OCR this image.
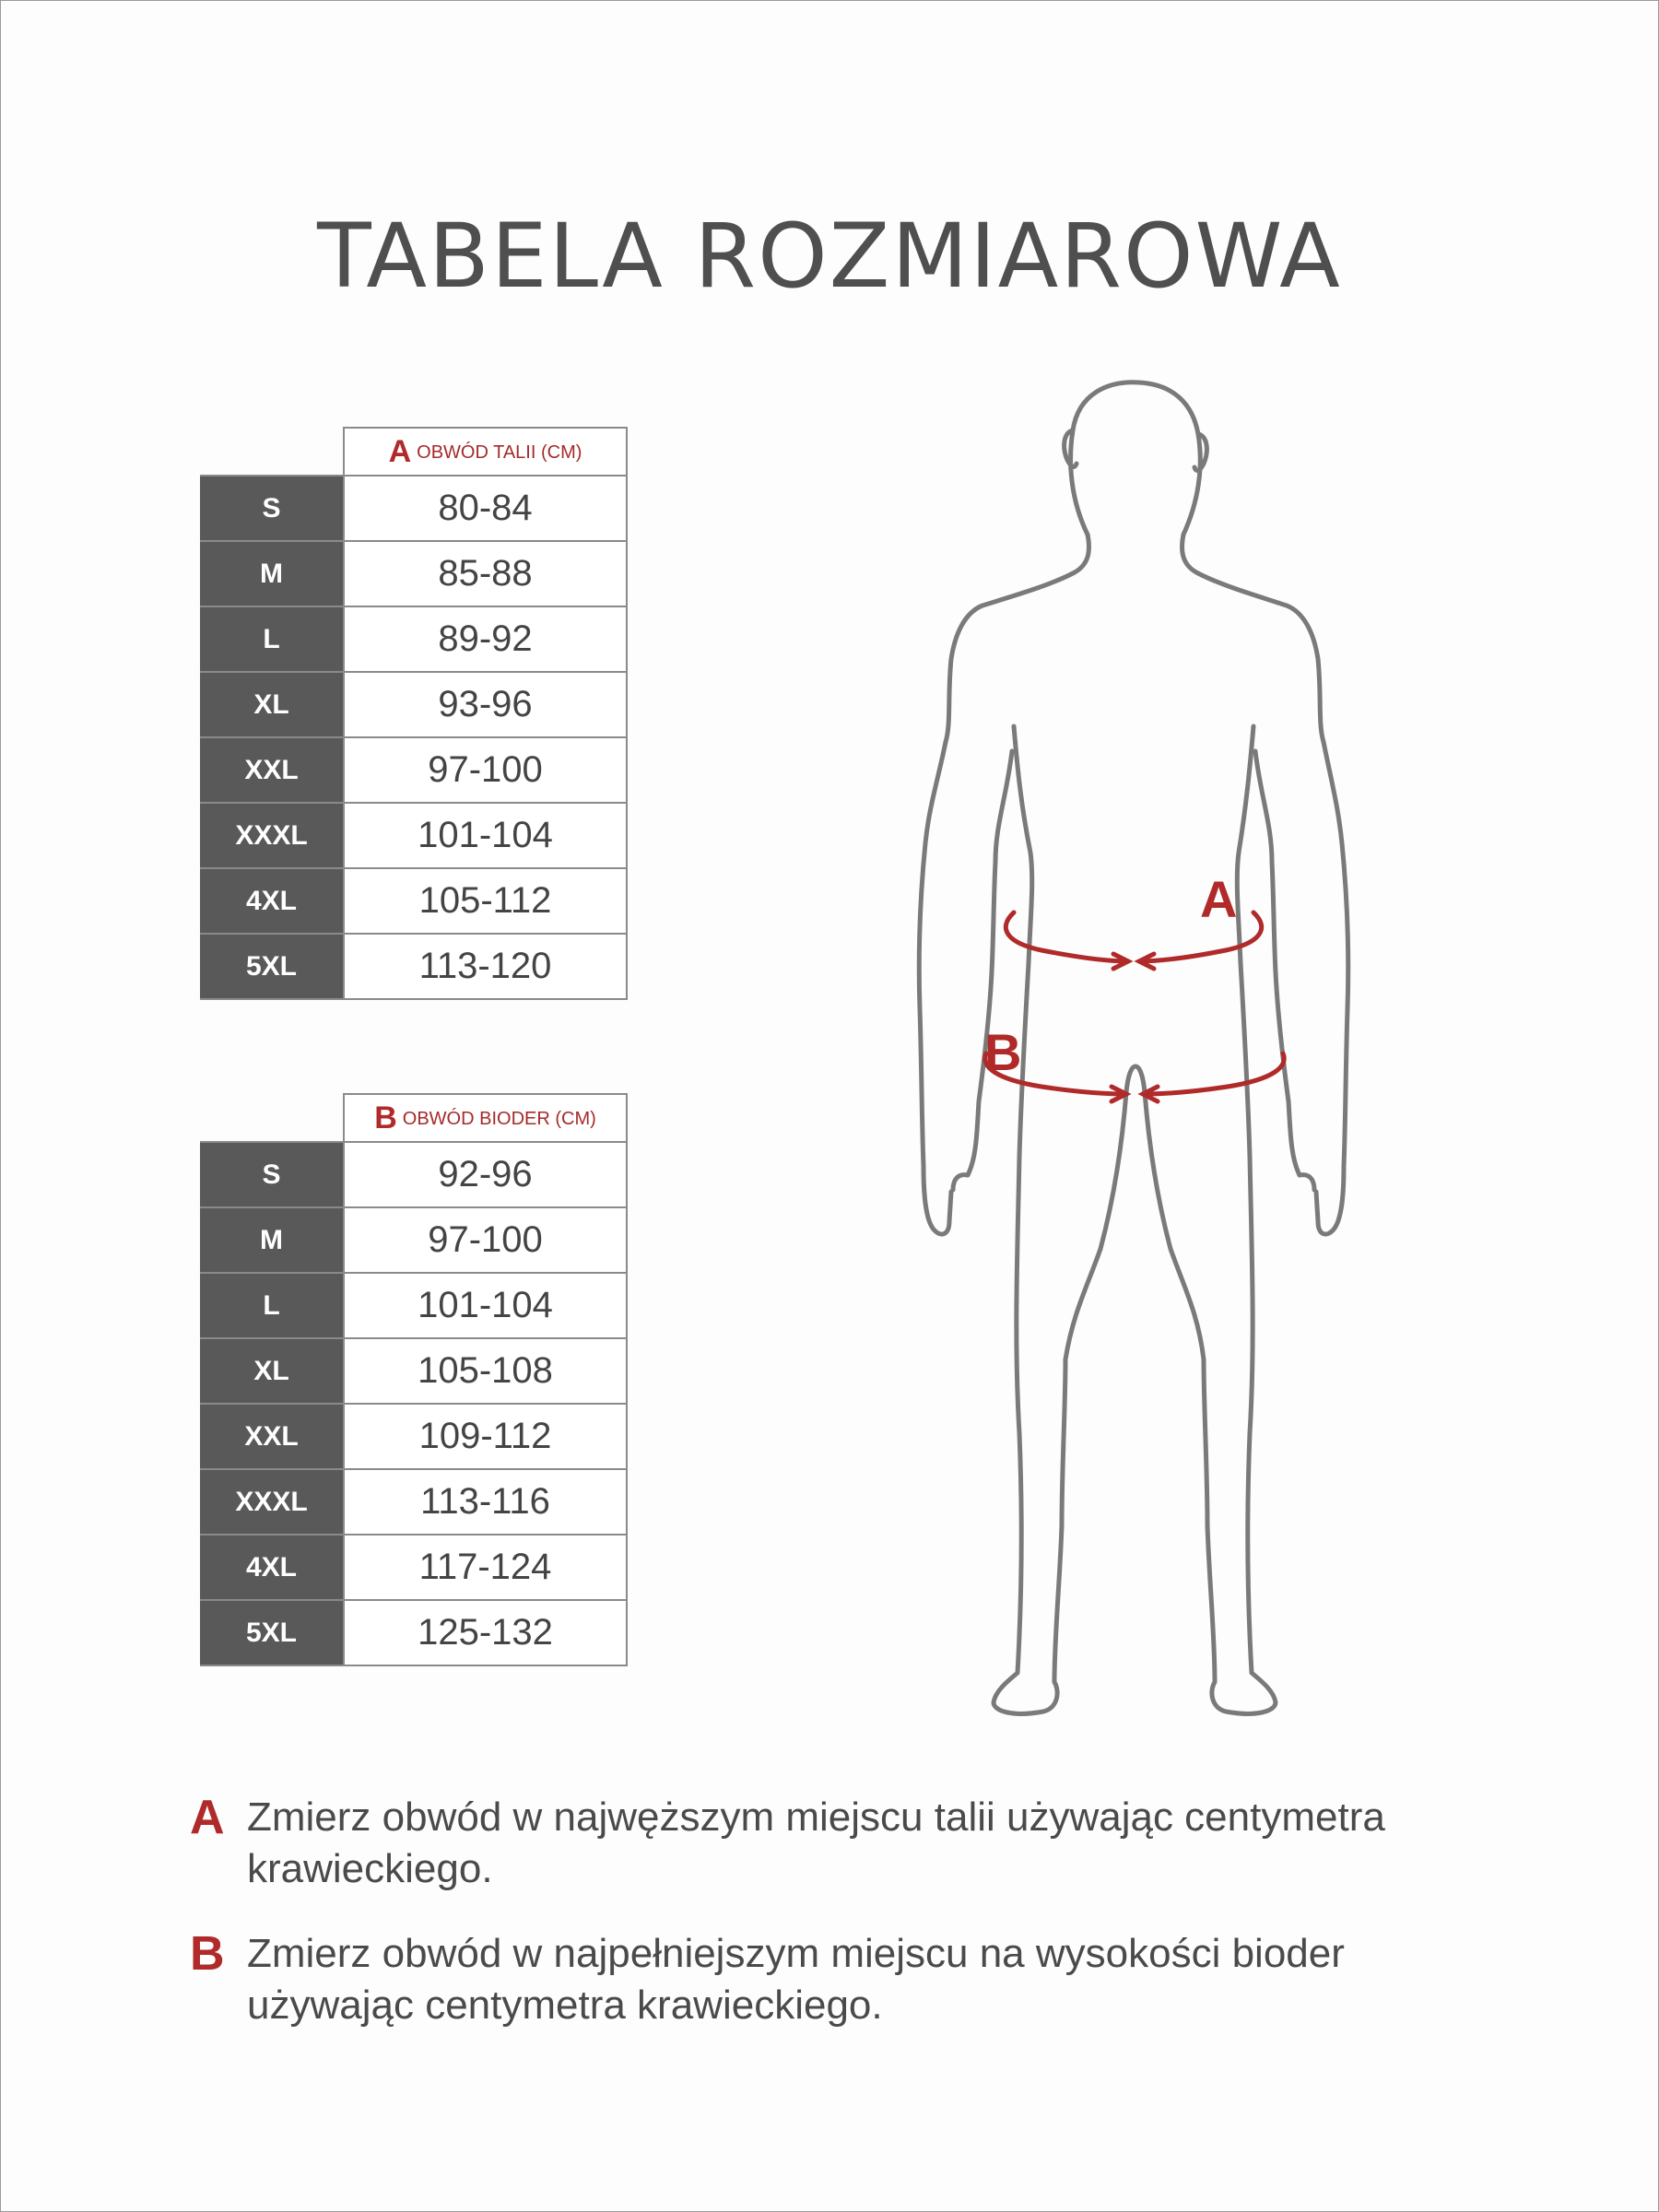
TABELA ROZMIAROWA
	A OBWÓD TALII (CM)
S	80-84
M	85-88
L	89-92
XL	93-96
XXL	97-100
XXXL	101-104
4XL	105-112
5XL	113-120
	B OBWÓD BIODER (CM)
S	92-96
M	97-100
L	101-104
XL	105-108
XXL	109-112
XXXL	113-116
4XL	117-124
5XL	125-132
A
B
A Zmierz obwód w najwęższym miejscu talii używając centymetra krawieckiego.
B Zmierz obwód w najpełniejszym miejscu na wysokości bioder używając centymetra krawieckiego.
